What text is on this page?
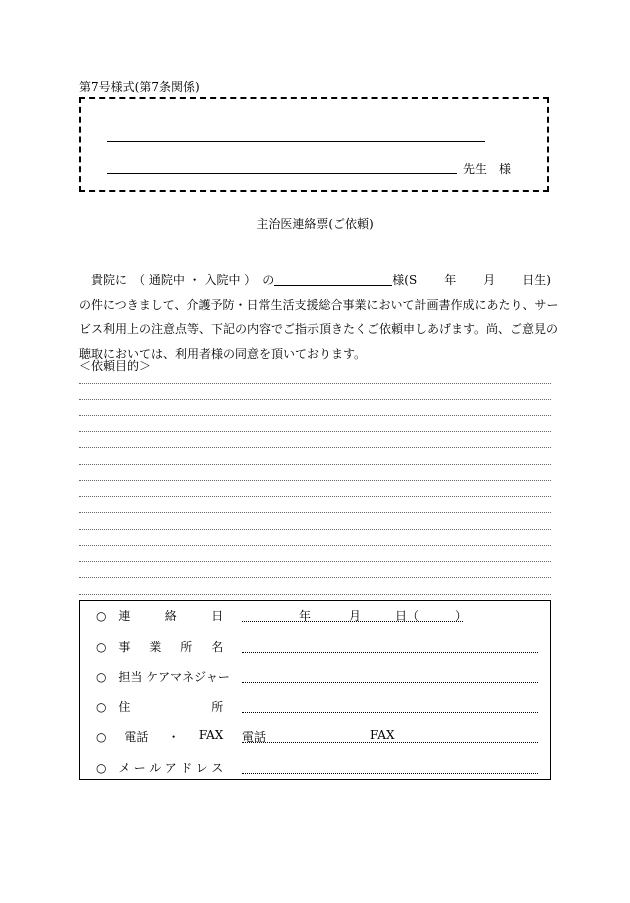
第7号様式(第7条関係)
先生　様
主治医連絡票(ご依頼)
貴院に　（ 通院中 ・ 入院中 ）　の	様(S 年 月 日生)
の件につきまして、介護予防・日常生活支援総合事業において計画書作成にあたり、サー
ビス利用上の注意点等、下記の内容でご指示頂きたくご依頼申しあげます。尚、ご意見の
聴取においては、利用者様の同意を頂いております。
＜依頼目的＞
○ 連	絡	日	年	月	日（	）
○ 事 業 所 名
○ 担当 ケアマネジャー
○ 住	所
○ 電話 ・ FAX 電話	FAX
○ メ ー ル ア ド レ ス
